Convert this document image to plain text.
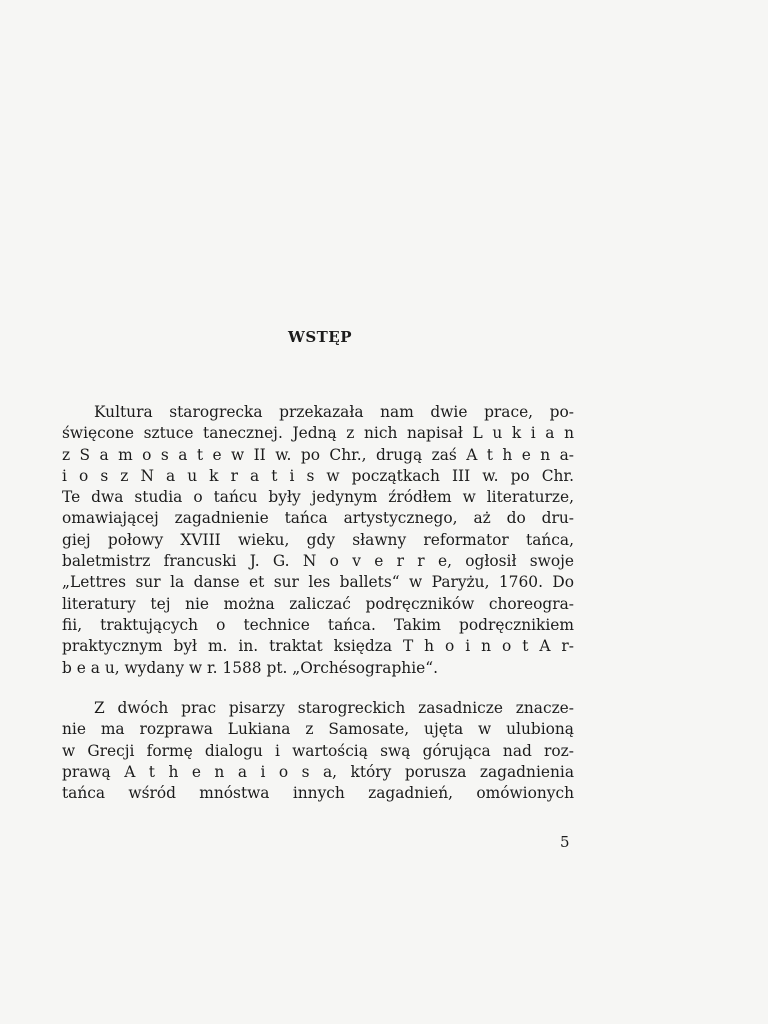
WSTĘP
Kultura starogrecka przekazała nam dwie prace, po-
święcone sztuce tanecznej. Jedną z nich napisał L u k i a n
z S a m o s a t e w II w. po Chr., drugą zaś A t h e n a-
i o s z N a u k r a t i s w początkach III w. po Chr.
Te dwa studia o tańcu były jedynym źródłem w literaturze,
omawiającej zagadnienie tańca artystycznego, aż do dru-
giej połowy XVIII wieku, gdy sławny reformator tańca,
baletmistrz francuski J. G. N o v e r r e, ogłosił swoje
„Lettres sur la danse et sur les ballets“ w Paryżu, 1760. Do
literatury tej nie można zaliczać podręczników choreogra-
fii, traktujących o technice tańca. Takim podręcznikiem
praktycznym był m. in. traktat księdza T h o i n o t A r-
b e a u, wydany w r. 1588 pt. „Orchésographie“.
Z dwóch prac pisarzy starogreckich zasadnicze znacze-
nie ma rozprawa Lukiana z Samosate, ujęta w ulubioną
w Grecji formę dialogu i wartością swą górująca nad roz-
prawą A t h e n a i o s a, który porusza zagadnienia
tańca wśród mnóstwa innych zagadnień, omówionych
5
